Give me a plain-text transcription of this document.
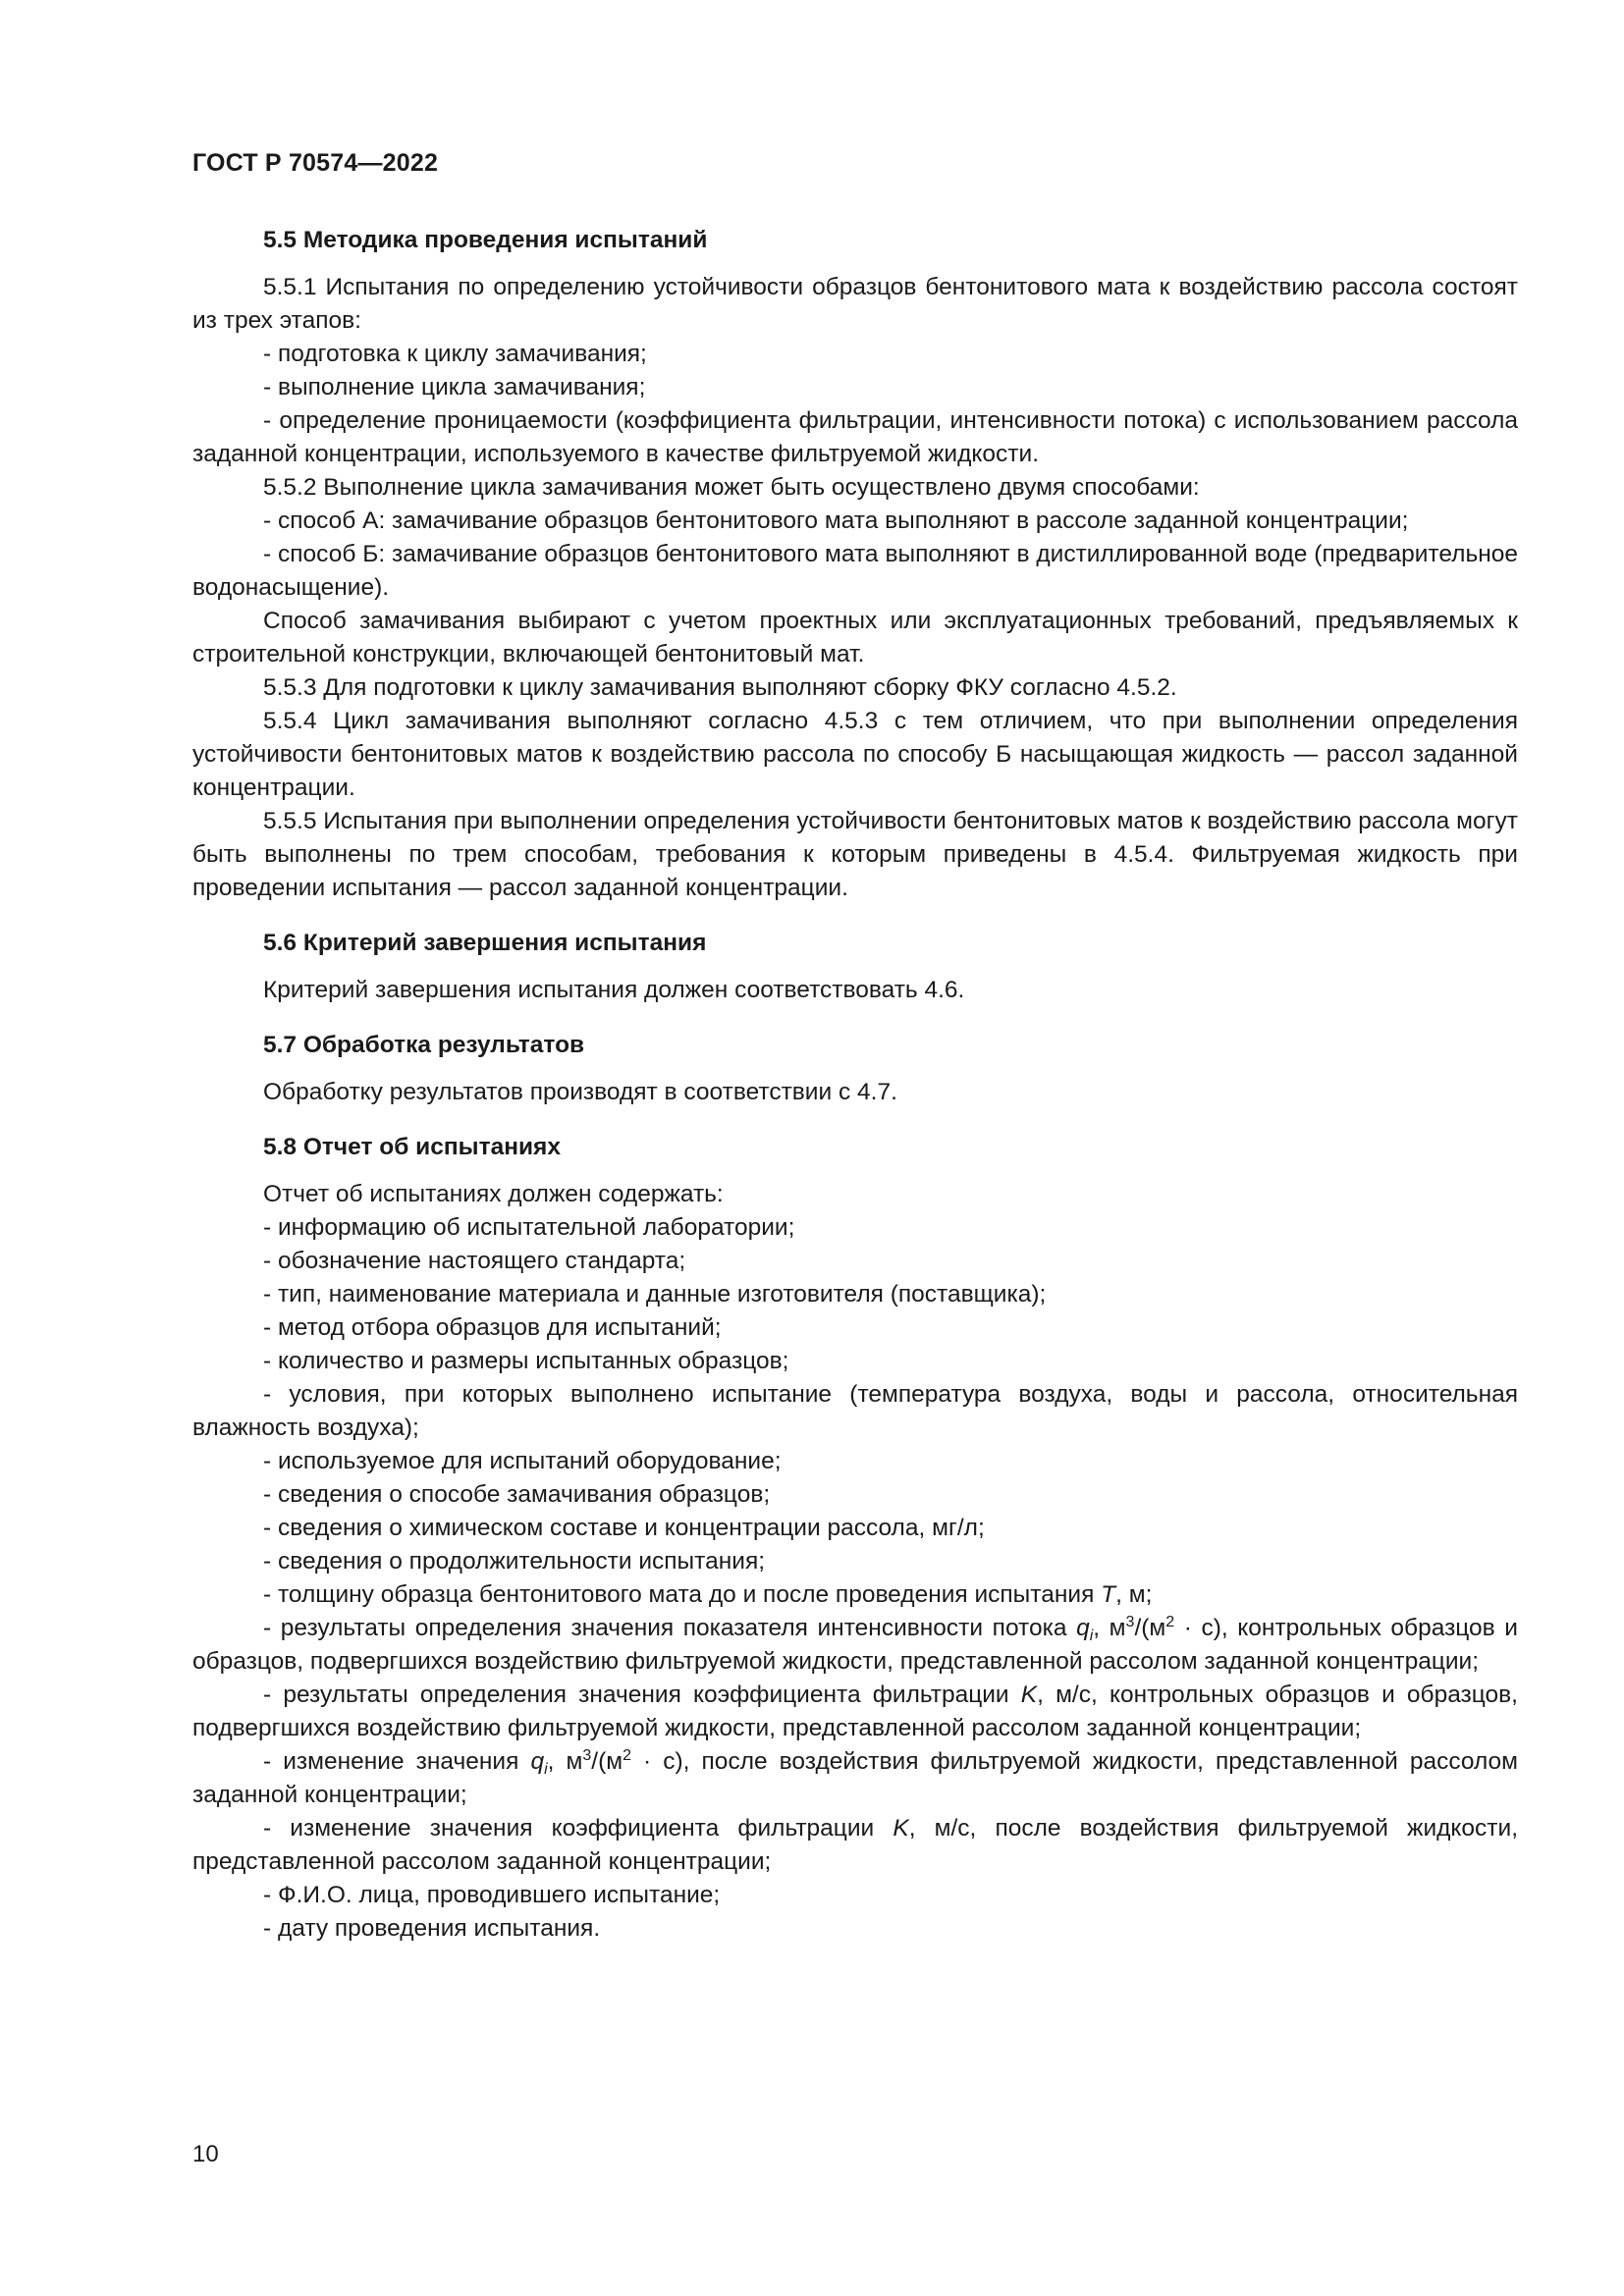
ГОСТ Р 70574—2022
5.5 Методика проведения испытаний

5.5.1 Испытания по определению устойчивости образцов бентонитового мата к воздействию рассола состоят из трех этапов:

- подготовка к циклу замачивания;

- выполнение цикла замачивания;

- определение проницаемости (коэффициента фильтрации, интенсивности потока) с использованием рассола заданной концентрации, используемого в качестве фильтруемой жидкости.

5.5.2 Выполнение цикла замачивания может быть осуществлено двумя способами:

- способ А: замачивание образцов бентонитового мата выполняют в рассоле заданной концентрации;

- способ Б: замачивание образцов бентонитового мата выполняют в дистиллированной воде (предварительное водонасыщение).

Способ замачивания выбирают с учетом проектных или эксплуатационных требований, предъявляемых к строительной конструкции, включающей бентонитовый мат.

5.5.3 Для подготовки к циклу замачивания выполняют сборку ФКУ согласно 4.5.2.

5.5.4 Цикл замачивания выполняют согласно 4.5.3 с тем отличием, что при выполнении определения устойчивости бентонитовых матов к воздействию рассола по способу Б насыщающая жидкость — рассол заданной концентрации.

5.5.5 Испытания при выполнении определения устойчивости бентонитовых матов к воздействию рассола могут быть выполнены по трем способам, требования к которым приведены в 4.5.4. Фильтруемая жидкость при проведении испытания — рассол заданной концентрации.

5.6 Критерий завершения испытания

Критерий завершения испытания должен соответствовать 4.6.

5.7 Обработка результатов

Обработку результатов производят в соответствии с 4.7.

5.8 Отчет об испытаниях

Отчет об испытаниях должен содержать:

- информацию об испытательной лаборатории;

- обозначение настоящего стандарта;

- тип, наименование материала и данные изготовителя (поставщика);

- метод отбора образцов для испытаний;

- количество и размеры испытанных образцов;

- условия, при которых выполнено испытание (температура воздуха, воды и рассола, относительная влажность воздуха);

- используемое для испытаний оборудование;

- сведения о способе замачивания образцов;

- сведения о химическом составе и концентрации рассола, мг/л;

- сведения о продолжительности испытания;

- толщину образца бентонитового мата до и после проведения испытания T, м;

- результаты определения значения показателя интенсивности потока $q_i$, $м^3/(м^2 \cdot с)$, контрольных образцов и образцов, подвергшихся воздействию фильтруемой жидкости, представленной рассолом заданной концентрации;

- результаты определения значения коэффициента фильтрации K, м/с, контрольных образцов и образцов, подвергшихся воздействию фильтруемой жидкости, представленной рассолом заданной концентрации;

- изменение значения $q_i$, $м^3/(м^2 \cdot с)$, после воздействия фильтруемой жидкости, представленной рассолом заданной концентрации;

- изменение значения коэффициента фильтрации K, м/с, после воздействия фильтруемой жидкости, представленной рассолом заданной концентрации;

- Ф.И.О. лица, проводившего испытание;

- дату проведения испытания.

10
